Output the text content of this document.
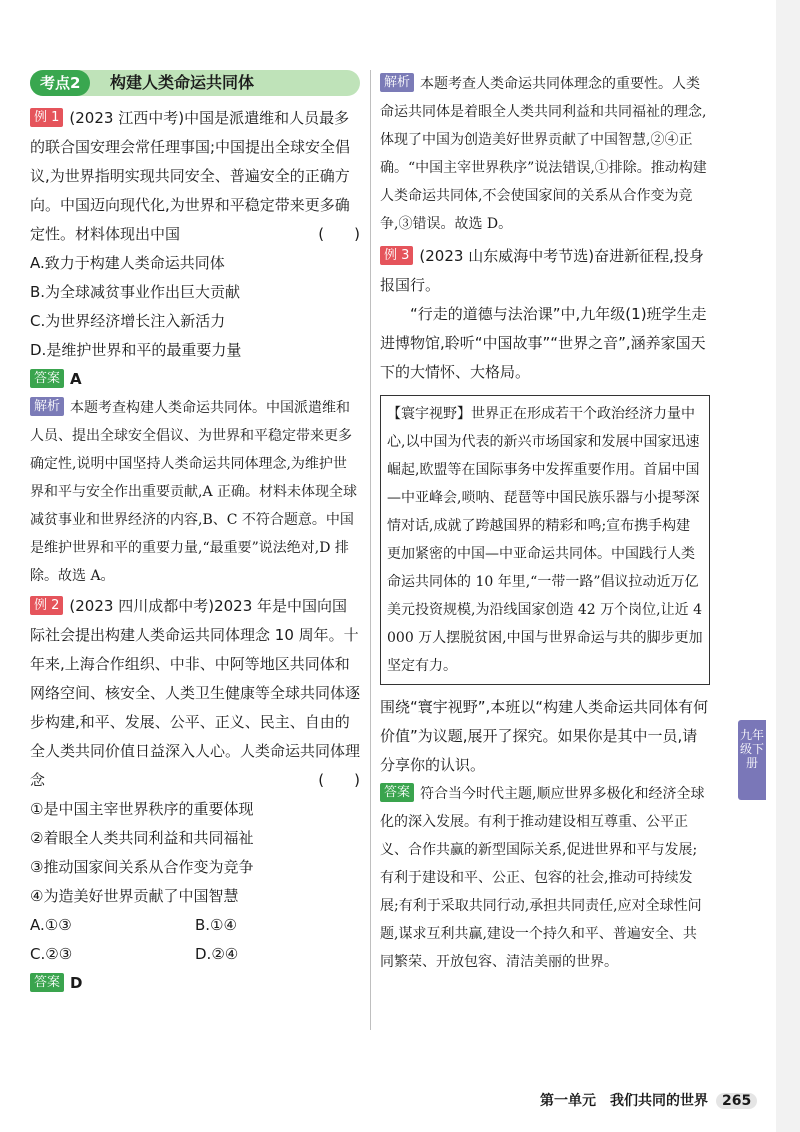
考点2	构建人类命运共同体

例 1 (2023 江西中考)中国是派遣维和人员最多的联合国安理会常任理事国;中国提出全球安全倡议,为世界指明实现共同安全、普遍安全的正确方向。中国迈向现代化,为世界和平稳定带来更多确定性。材料体现出中国	(　　)

A.致力于构建人类命运共同体

B.为全球减贫事业作出巨大贡献

C.为世界经济增长注入新活力

D.是维护世界和平的最重要力量

答案 A

解析 本题考查构建人类命运共同体。中国派遣维和人员、提出全球安全倡议、为世界和平稳定带来更多确定性,说明中国坚持人类命运共同体理念,为维护世界和平与安全作出重要贡献,A 正确。材料未体现全球减贫事业和世界经济的内容,B、C 不符合题意。中国是维护世界和平的重要力量,“最重要”说法绝对,D 排除。故选 A。

例 2 (2023 四川成都中考)2023 年是中国向国际社会提出构建人类命运共同体理念 10 周年。十年来,上海合作组织、中非、中阿等地区共同体和网络空间、核安全、人类卫生健康等全球共同体逐步构建,和平、发展、公平、正义、民主、自由的全人类共同价值日益深入人心。人类命运共同体理念	(　　)

①是中国主宰世界秩序的重要体现

②着眼全人类共同利益和共同福祉

③推动国家间关系从合作变为竞争

④为造美好世界贡献了中国智慧

A.①③	B.①④
C.②③	D.②④

答案 D

解析 本题考查人类命运共同体理念的重要性。人类命运共同体是着眼全人类共同利益和共同福祉的理念,体现了中国为创造美好世界贡献了中国智慧,②④正确。“中国主宰世界秩序”说法错误,①排除。推动构建人类命运共同体,不会使国家间的关系从合作变为竞争,③错误。故选 D。

例 3 (2023 山东威海中考节选)奋进新征程,投身报国行。

“行走的道德与法治课”中,九年级(1)班学生走进博物馆,聆听“中国故事”“世界之音”,涵养家国天下的大情怀、大格局。

【寰宇视野】世界正在形成若干个政治经济力量中心,以中国为代表的新兴市场国家和发展中国家迅速崛起,欧盟等在国际事务中发挥重要作用。首届中国—中亚峰会,唢呐、琵琶等中国民族乐器与小提琴深情对话,成就了跨越国界的精彩和鸣;宣布携手构建更加紧密的中国—中亚命运共同体。中国践行人类命运共同体的 10 年里,“一带一路”倡议拉动近万亿美元投资规模,为沿线国家创造 42 万个岗位,让近 4 000 万人摆脱贫困,中国与世界命运与共的脚步更加坚定有力。

围绕“寰宇视野”,本班以“构建人类命运共同体有何价值”为议题,展开了探究。如果你是其中一员,请分享你的认识。

答案 符合当今时代主题,顺应世界多极化和经济全球化的深入发展。有利于推动建设相互尊重、公平正义、合作共赢的新型国际关系,促进世界和平与发展;有利于建设和平、公正、包容的社会,推动可持续发展;有利于采取共同行动,承担共同责任,应对全球性问题,谋求互利共赢,建设一个持久和平、普遍安全、共同繁荣、开放包容、清洁美丽的世界。

九年级下册
第一单元　我们共同的世界 265
